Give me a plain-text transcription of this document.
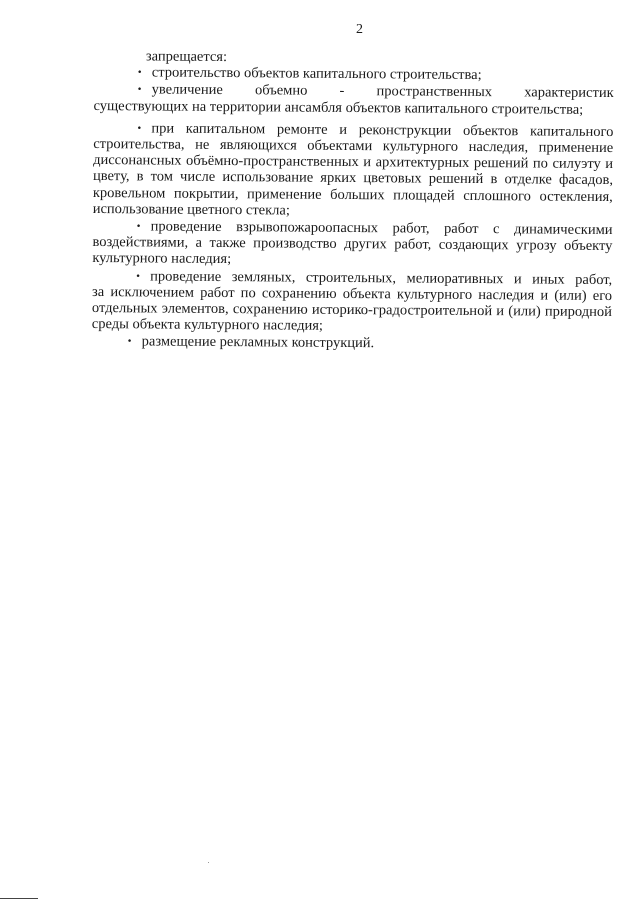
2
запрещается:
• строительство объектов капитального строительства;
• увеличение объемно - пространственных характеристик
существующих на территории ансамбля объектов капитального строительства;
• при капитальном ремонте и реконструкции объектов капитального
строительства, не являющихся объектами культурного наследия, применение диссонансных объёмно-пространственных и архитектурных решений по силуэту и цвету, в том числе использование ярких цветовых решений в отделке фасадов, кровельном покрытии, применение больших площадей сплошного остекления, использование цветного стекла;
• проведение взрывопожароопасных работ, работ с динамическими
воздействиями, а также производство других работ, создающих угрозу объекту культурного наследия;
• проведение земляных, строительных, мелиоративных и иных работ,
за исключением работ по сохранению объекта культурного наследия и (или) его отдельных элементов, сохранению историко-градостроительной и (или) природной среды объекта культурного наследия;
• размещение рекламных конструкций.
